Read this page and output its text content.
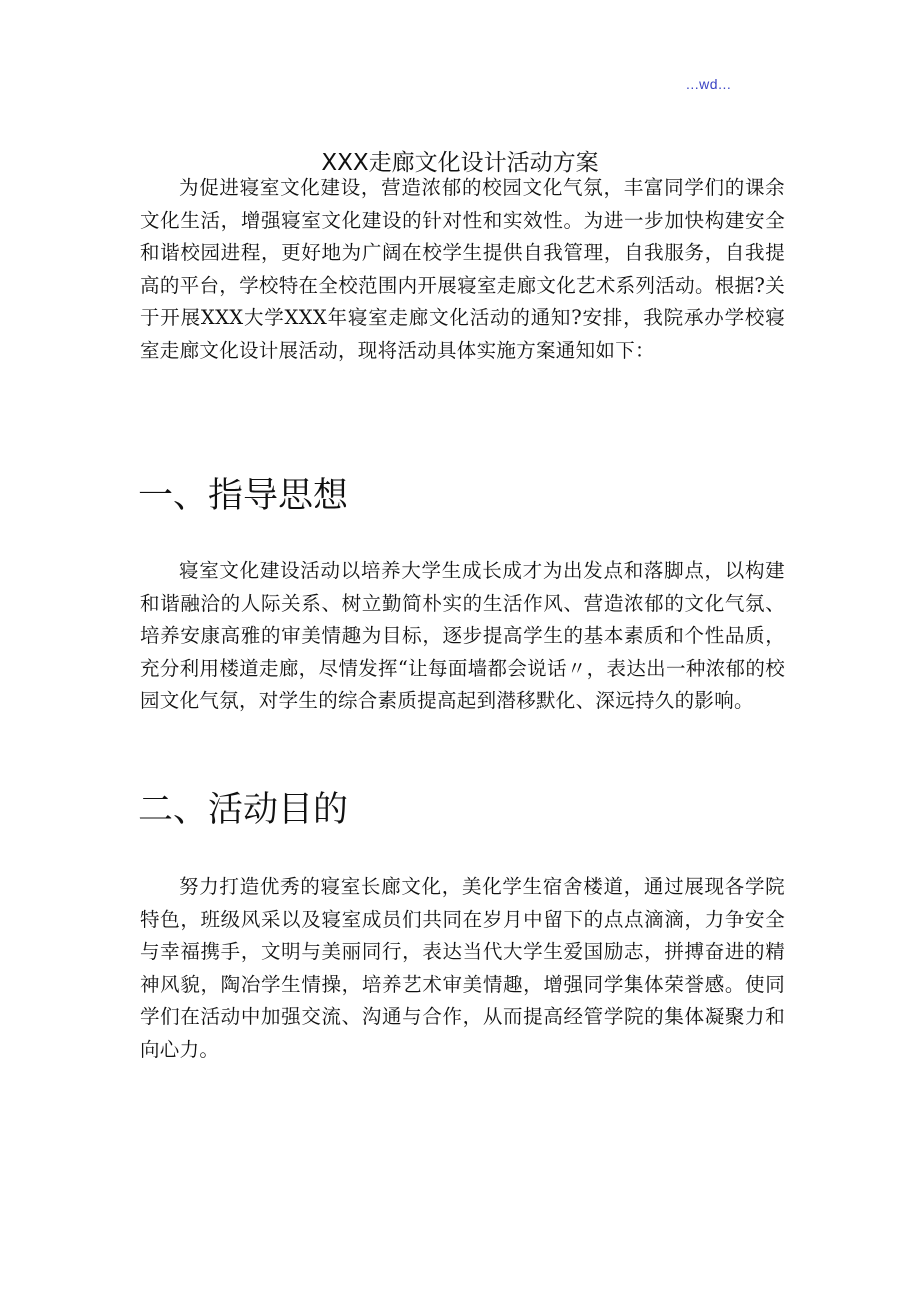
...wd...
XXX走廊文化设计活动方案

为促进寝室文化建设，营造浓郁的校园文化气氛，丰富同学们的课余文化生活，增强寝室文化建设的针对性和实效性。为进一步加快构建安全和谐校园进程，更好地为广阔在校学生提供自我管理，自我服务，自我提高的平台，学校特在全校范围内开展寝室走廊文化艺术系列活动。根据?关于开展XXX大学XXX年寝室走廊文化活动的通知?安排，我院承办学校寝室走廊文化设计展活动，现将活动具体实施方案通知如下：

一、指导思想

寝室文化建设活动以培养大学生成长成才为出发点和落脚点，以构建和谐融洽的人际关系、树立勤简朴实的生活作风、营造浓郁的文化气氛、培养安康高雅的审美情趣为目标，逐步提高学生的基本素质和个性品质，充分利用楼道走廊，尽情发挥“让每面墙都会说话〃，表达出一种浓郁的校园文化气氛，对学生的综合素质提高起到潜移默化、深远持久的影响。

二、活动目的

努力打造优秀的寝室长廊文化，美化学生宿舍楼道，通过展现各学院特色，班级风采以及寝室成员们共同在岁月中留下的点点滴滴，力争安全与幸福携手，文明与美丽同行，表达当代大学生爱国励志，拼搏奋进的精神风貌，陶冶学生情操，培养艺术审美情趣，增强同学集体荣誉感。使同学们在活动中加强交流、沟通与合作，从而提高经管学院的集体凝聚力和向心力。
